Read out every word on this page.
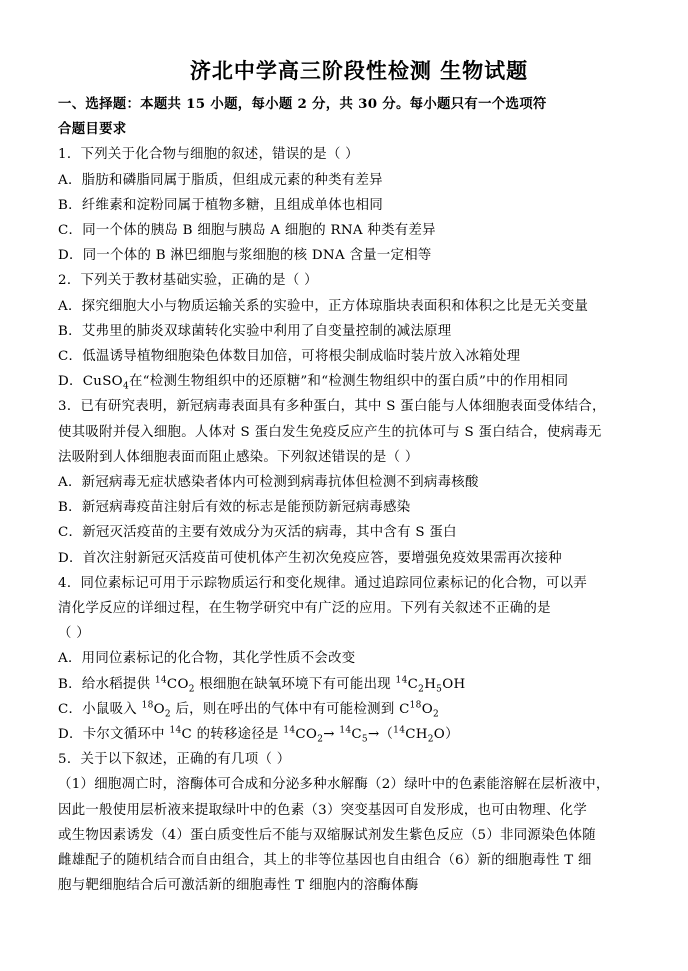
济北中学高三阶段性检测 生物试题
一、选择题：本题共 15 小题，每小题 2 分，共 30 分。每小题只有一个选项符
合题目要求
1．下列关于化合物与细胞的叙述，错误的是（ ）
A．脂肪和磷脂同属于脂质，但组成元素的种类有差异
B．纤维素和淀粉同属于植物多糖，且组成单体也相同
C．同一个体的胰岛 B 细胞与胰岛 A 细胞的 RNA 种类有差异
D．同一个体的 B 淋巴细胞与浆细胞的核 DNA 含量一定相等
2．下列关于教材基础实验，正确的是（ ）
A．探究细胞大小与物质运输关系的实验中，正方体琼脂块表面积和体积之比是无关变量
B．艾弗里的肺炎双球菌转化实验中利用了自变量控制的减法原理
C．低温诱导植物细胞染色体数目加倍，可将根尖制成临时装片放入冰箱处理
D．CuSO$_4$在“检测生物组织中的还原糖”和“检测生物组织中的蛋白质”中的作用相同
3．已有研究表明，新冠病毒表面具有多种蛋白，其中 S 蛋白能与人体细胞表面受体结合，
使其吸附并侵入细胞。人体对 S 蛋白发生免疫反应产生的抗体可与 S 蛋白结合，使病毒无
法吸附到人体细胞表面而阻止感染。下列叙述错误的是（ ）
A．新冠病毒无症状感染者体内可检测到病毒抗体但检测不到病毒核酸
B．新冠病毒疫苗注射后有效的标志是能预防新冠病毒感染
C．新冠灭活疫苗的主要有效成分为灭活的病毒，其中含有 S 蛋白
D．首次注射新冠灭活疫苗可使机体产生初次免疫应答，要增强免疫效果需再次接种
4．同位素标记可用于示踪物质运行和变化规律。通过追踪同位素标记的化合物，可以弄
清化学反应的详细过程，在生物学研究中有广泛的应用。下列有关叙述不正确的是
（ ）
A．用同位素标记的化合物，其化学性质不会改变
B．给水稻提供 $^{14}CO_2$ 根细胞在缺氧环境下有可能出现 $^{14}C_2H_5OH$
C．小鼠吸入 $^{18}O_2$ 后，则在呼出的气体中有可能检测到 $C^{18}O_2$
D．卡尔文循环中 $^{14}$C 的转移途径是 $^{14}CO_2\to ^{14}C_5\to(^{14}CH_2O)$
5．关于以下叙述，正确的有几项（ ）
（1）细胞凋亡时，溶酶体可合成和分泌多种水解酶（2）绿叶中的色素能溶解在层析液中，
因此一般使用层析液来提取绿叶中的色素（3）突变基因可自发形成，也可由物理、化学
或生物因素诱发（4）蛋白质变性后不能与双缩脲试剂发生紫色反应（5）非同源染色体随
雌雄配子的随机结合而自由组合，其上的非等位基因也自由组合（6）新的细胞毒性 T 细
胞与靶细胞结合后可激活新的细胞毒性 T 细胞内的溶酶体酶
